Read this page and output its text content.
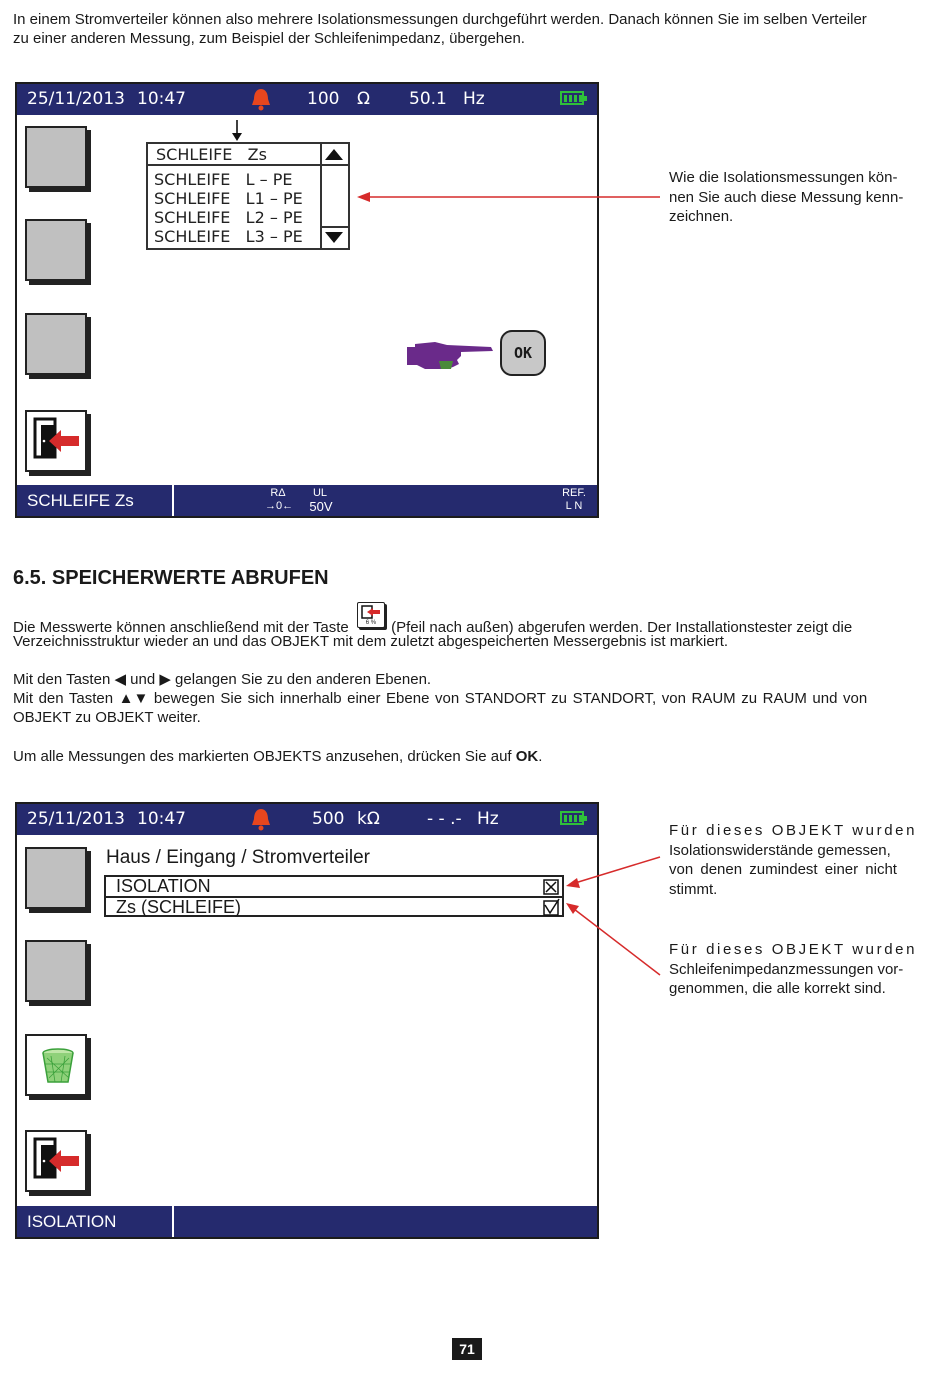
In einem Stromverteiler können also mehrere Isolationsmessungen durchgeführt werden. Danach können Sie im selben Verteiler

zu einer anderen Messung, zum Beispiel der Schleifenimpedanz, übergehen.

25/11/2013 10:47	100 Ω 50.1 Hz
SCHLEIFE   Zs
SCHLEIFE   L – PE
SCHLEIFE   L1 – PE
SCHLEIFE   L2 – PE
SCHLEIFE   L3 – PE
OK
SCHLEIFE Zs	RΔ
→0←
UL
50V
REF.
L N
Wie die Isolationsmessungen kön-
nen Sie auch diese Messung kenn-
zeichnen.
6.5. SPEICHERWERTE ABRUFEN

Die Messwerte können anschließend mit der Taste	6 %	(Pfeil nach außen) abgerufen werden. Der Installationstester zeigt die

Verzeichnisstruktur wieder an und das OBJEKT mit dem zuletzt abgespeicherten Messergebnis ist markiert.

Mit den Tasten ◀ und ▶ gelangen Sie zu den anderen Ebenen.

Mit den Tasten ▲▼ bewegen Sie sich innerhalb einer Ebene von STANDORT zu STANDORT, von RAUM zu RAUM und von

OBJEKT zu OBJEKT weiter.

Um alle Messungen des markierten OBJEKTS anzusehen, drücken Sie auf OK.

25/11/2013 10:47	500 kΩ	- - .- Hz
Haus / Eingang / Stromverteiler
ISOLATION
Zs (SCHLEIFE)
ISOLATION
Für dieses OBJEKT wurden
Isolationswiderstände gemessen,
von denen zumindest einer nicht
stimmt.
Für dieses OBJEKT wurden
Schleifenimpedanzmessungen vor-
genommen, die alle korrekt sind.
71
